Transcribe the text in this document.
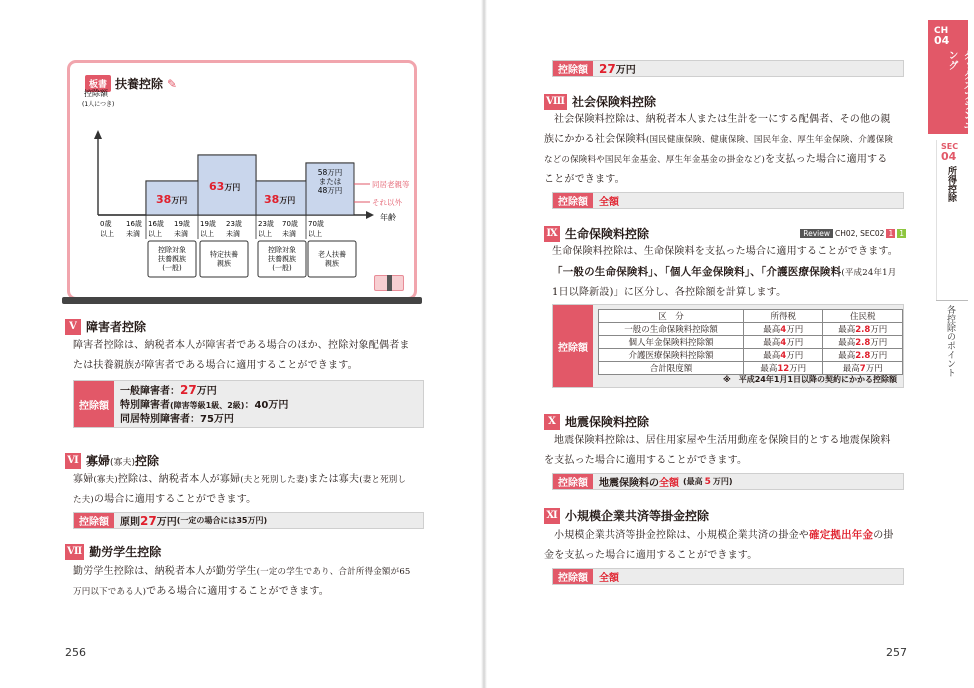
板書 扶養控除 ✎
控除額
(1人につき)
年齢
38万円
63万円
38万円
58万円または 48万円
同居老親等
それ以外
0歳
以上
16歳
未満
16歳
以上
19歳
未満
19歳
以上
23歳
未満
23歳
以上
70歳
未満
70歳
以上
控除対象扶養親族(一般)
特定扶養親族
控除対象扶養親族(一般)
老人扶養親族
Ⅴ 障害者控除
障害者控除は、納税者本人が障害者である場合のほか、控除対象配偶者ま
たは扶養親族が障害者である場合に適用することができます。
控除額
一般障害者：27万円
特別障害者(障害等級1級、2級)：40万円
同居特別障害者：75万円
Ⅵ 寡婦(寡夫)控除
寡婦(寡夫)控除は、納税者本人が寡婦(夫と死別した妻)または寡夫(妻と死別し
た夫)の場合に適用することができます。
控除額	原則 27 万円 (一定の場合には35万円)
Ⅶ 勤労学生控除
勤労学生控除は、納税者本人が勤労学生(一定の学生であり、合計所得金額が65
万円以下である人)である場合に適用することができます。
256
控除額 27 万円
Ⅷ 社会保険料控除
社会保険料控除は、納税者本人または生計を一にする配偶者、その他の親
族にかかる社会保険料(国民健康保険、健康保険、国民年金、厚生年金保険、介護保険
などの保険料や国民年金基金、厚生年金基金の掛金など)を支払った場合に適用する
ことができます。
控除額	全額
Ⅸ 生命保険料控除	Review CH02, SEC02 1 1
生命保険料控除は、生命保険料を支払った場合に適用することができます。
「一般の生命保険料」、「個人年金保険料」、「介護医療保険料(平成24年1月
1日以降新設)」に区分し、各控除額を計算します。
控除額
区　分	所得税	住民税
一般の生命保険料控除額	最高4万円	最高2.8万円
個人年金保険料控除額	最高4万円	最高2.8万円
介護医療保険料控除額	最高4万円	最高2.8万円
合計限度額	最高12万円	最高7万円
※　平成24年1月1日以降の契約にかかる控除額
Ⅹ 地震保険料控除
地震保険料控除は、居住用家屋や生活用動産を保険目的とする地震保険料
を支払った場合に適用することができます。
控除額	地震保険料の 全額 (最高 5 万円)
Ⅺ 小規模企業共済等掛金控除
小規模企業共済等掛金控除は、小規模企業共済の掛金や確定拠出年金の掛
金を支払った場合に適用することができます。
控除額	全額
257
CH
04
タックスプランニング
SEC
04
所得控除
各控除のポイント
